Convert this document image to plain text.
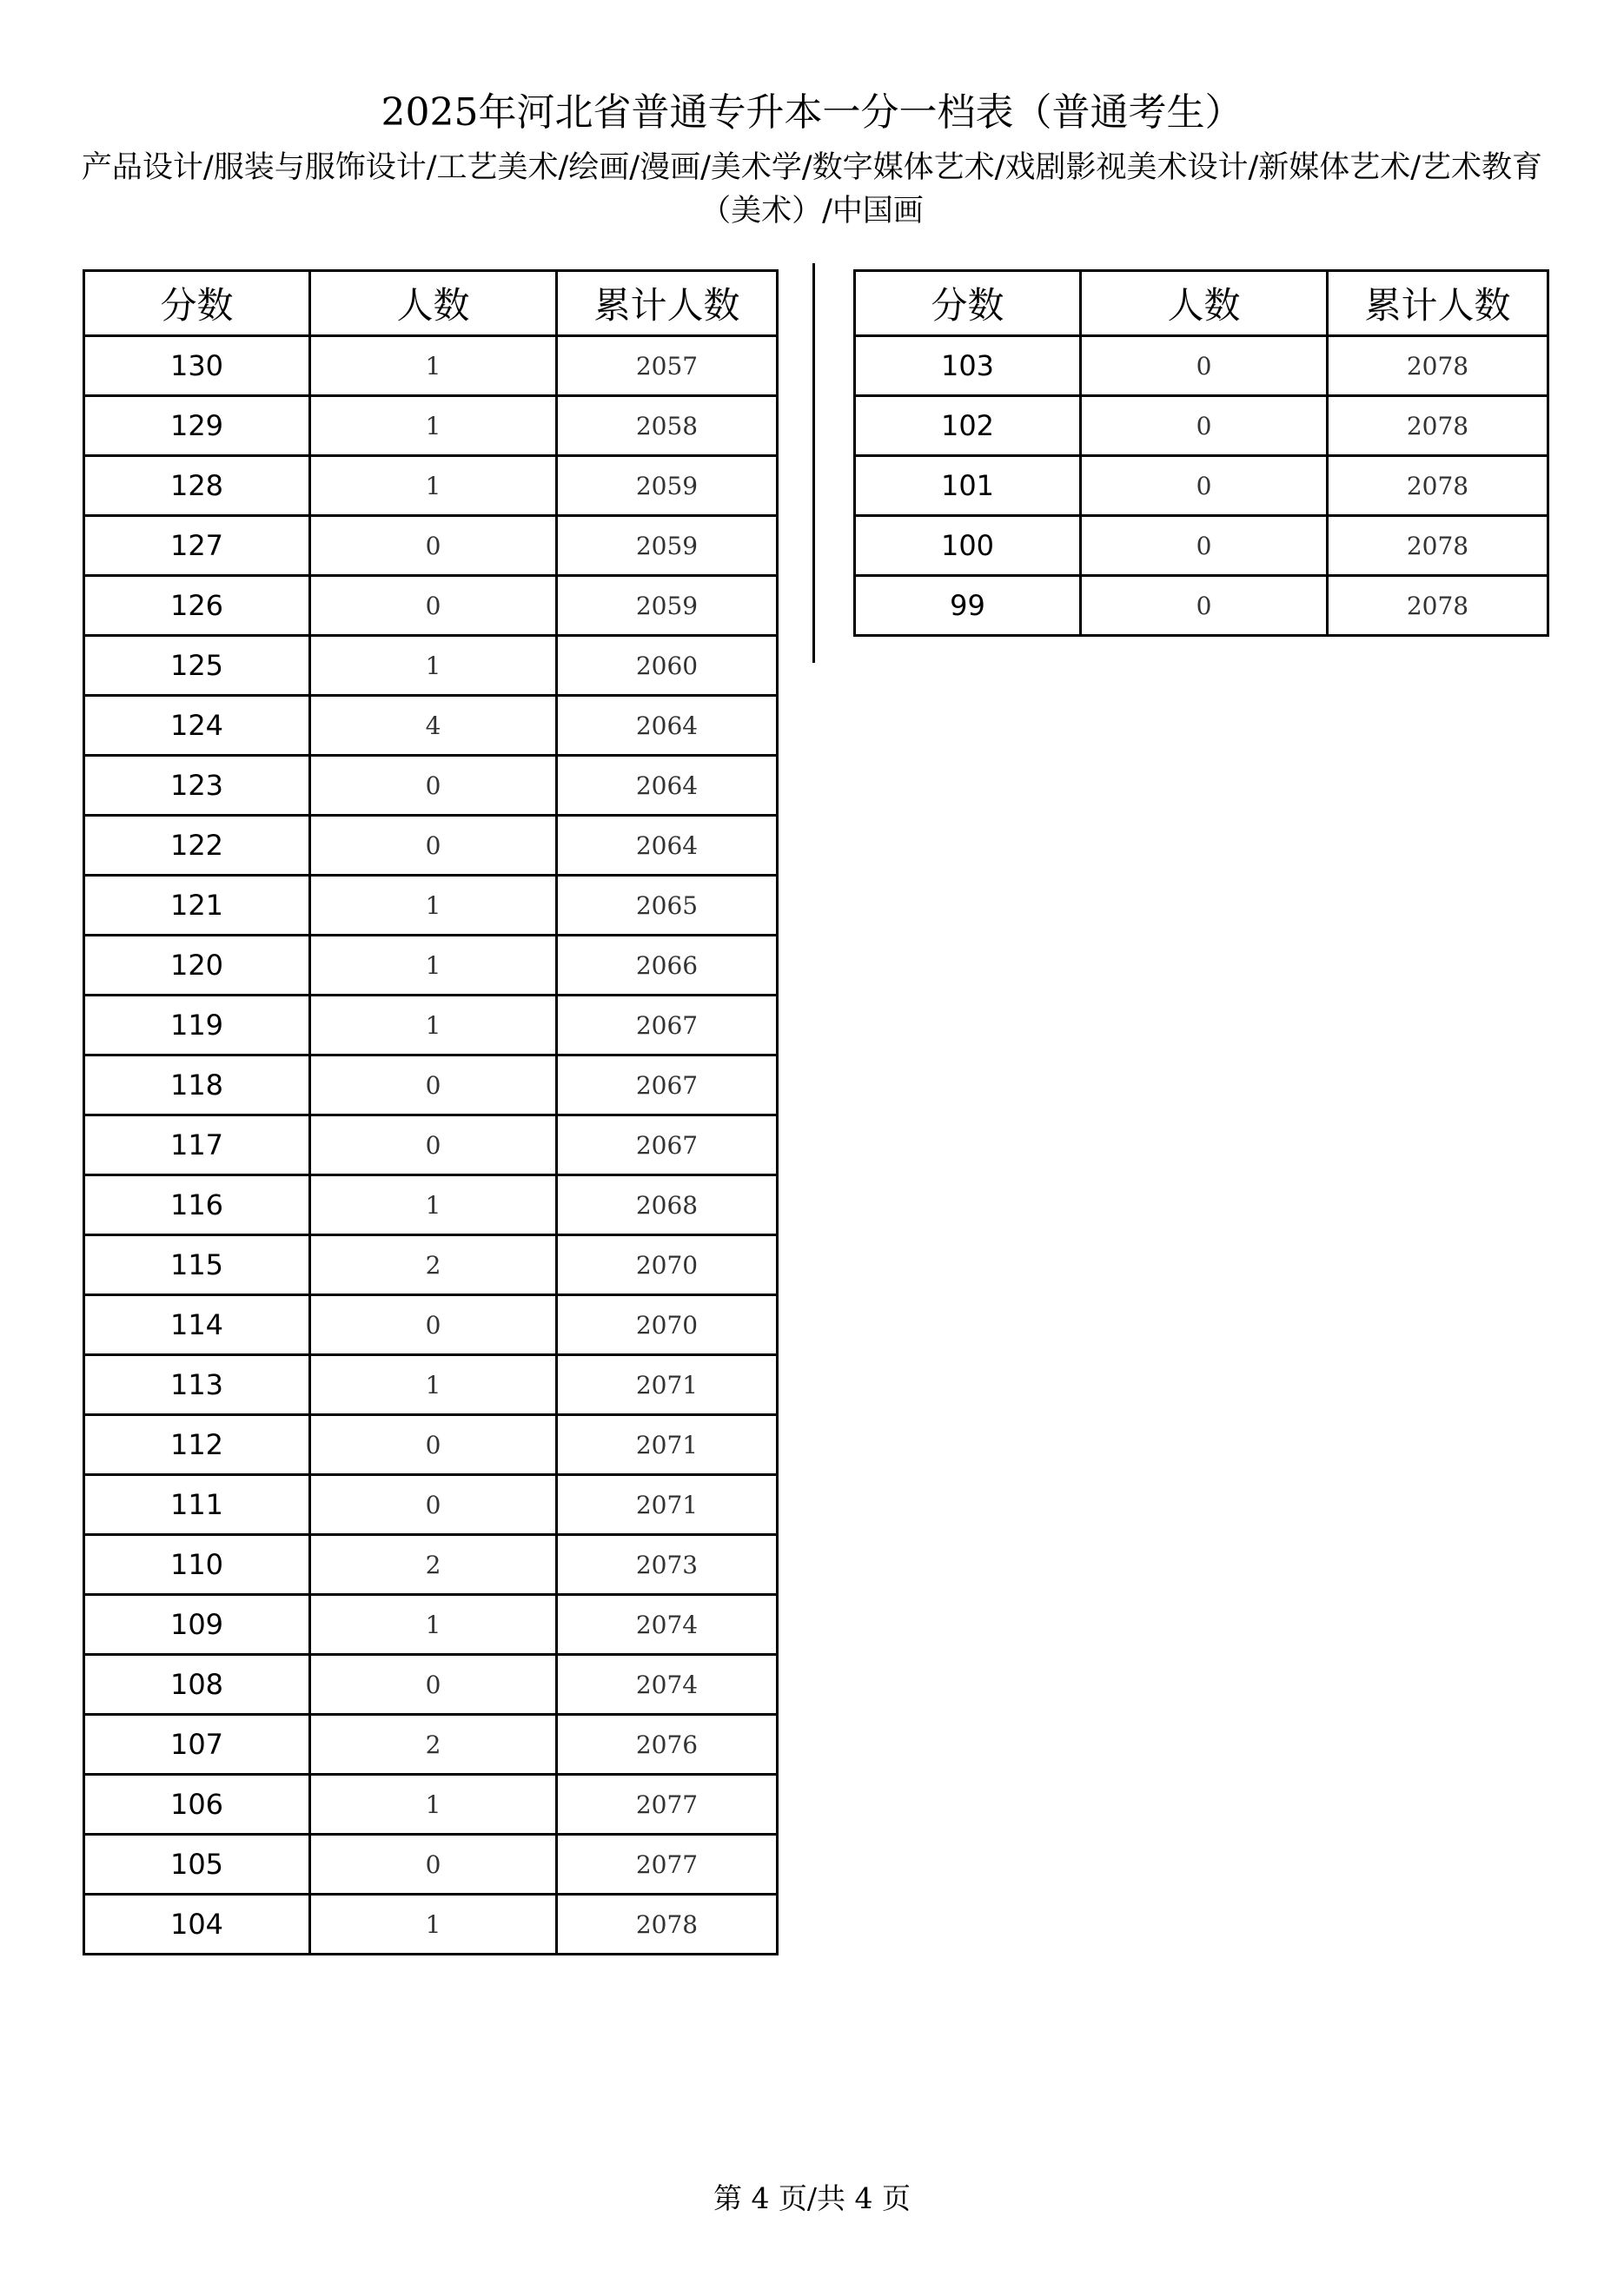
2025年河北省普通专升本一分一档表（普通考生）
产品设计/服装与服饰设计/工艺美术/绘画/漫画/美术学/数字媒体艺术/戏剧影视美术设计/新媒体艺术/艺术教育（美术）/中国画
分数	人数	累计人数
130	1	2057
129	1	2058
128	1	2059
127	0	2059
126	0	2059
125	1	2060
124	4	2064
123	0	2064
122	0	2064
121	1	2065
120	1	2066
119	1	2067
118	0	2067
117	0	2067
116	1	2068
115	2	2070
114	0	2070
113	1	2071
112	0	2071
111	0	2071
110	2	2073
109	1	2074
108	0	2074
107	2	2076
106	1	2077
105	0	2077
104	1	2078
分数	人数	累计人数
103	0	2078
102	0	2078
101	0	2078
100	0	2078
99	0	2078
第 4 页/共 4 页
